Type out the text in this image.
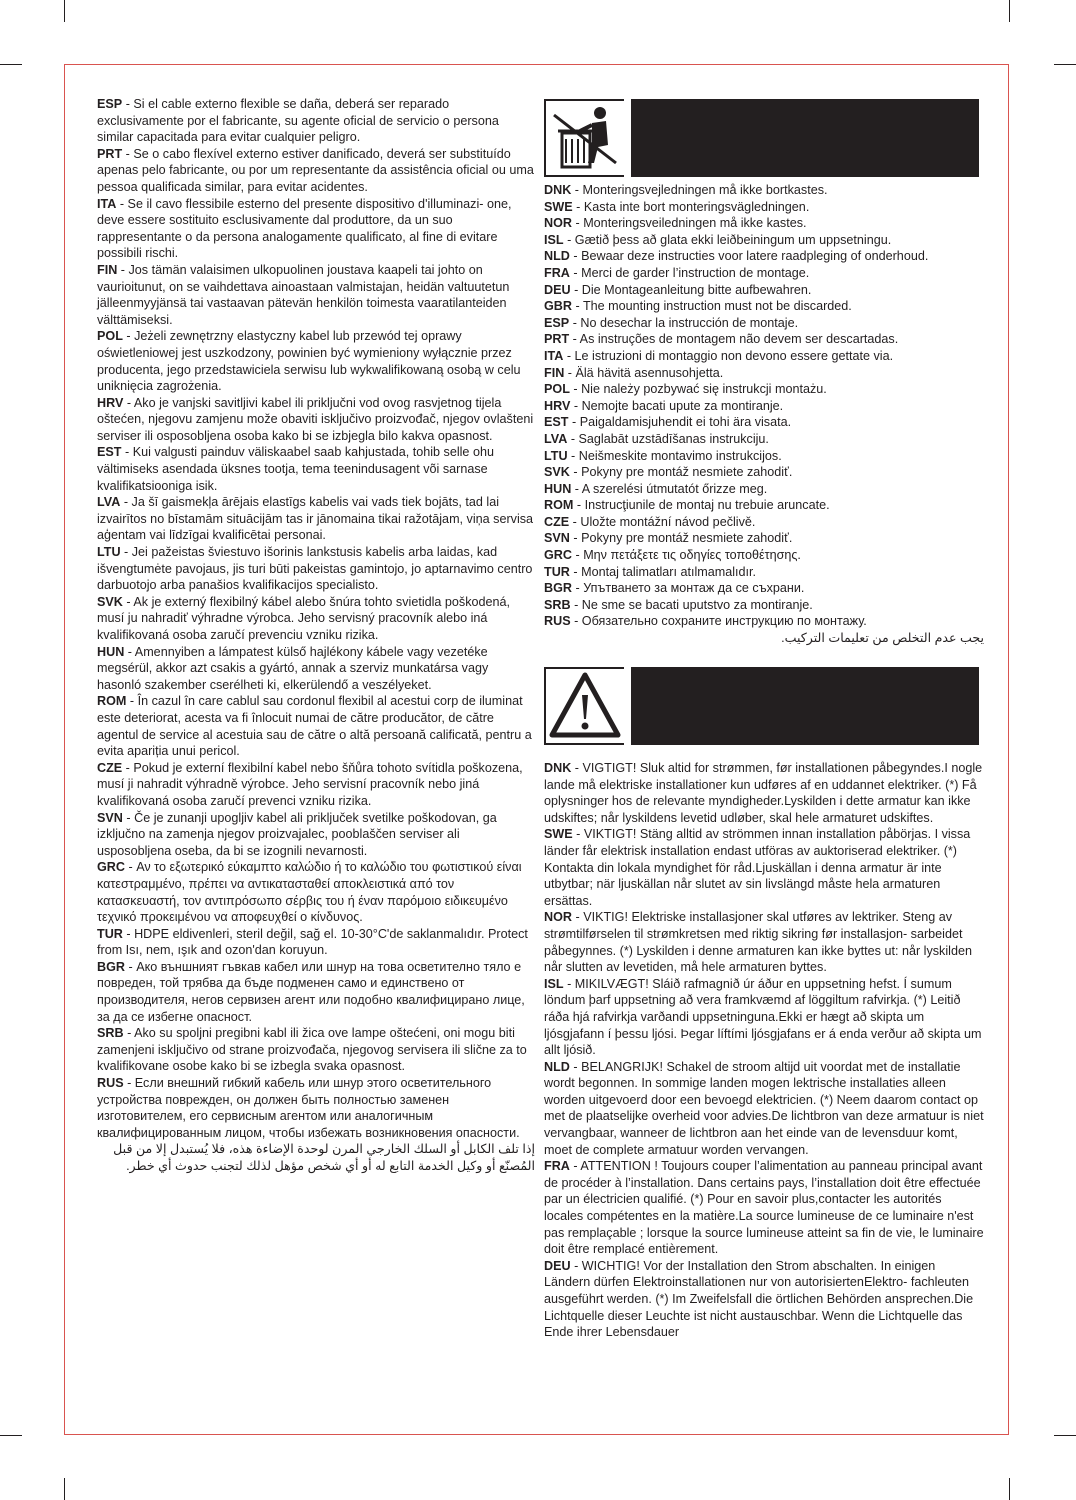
ESP - Si el cable externo flexible se daña, deberá ser reparado exclusivamente por el fabricante, su agente oficial de servicio o persona similar capacitada para evitar cualquier peligro.

PRT - Se o cabo flexível externo estiver danificado, deverá ser substituído apenas pelo fabricante, ou por um representante da assistência oficial ou uma pessoa qualificada similar, para evitar acidentes.

ITA - Se il cavo flessibile esterno del presente dispositivo d'illuminazi- one, deve essere sostituito esclusivamente dal produttore, da un suo rappresentante o da persona analogamente qualificato, al fine di evitare possibili rischi.

FIN - Jos tämän valaisimen ulkopuolinen joustava kaapeli tai johto on vaurioitunut, on se vaihdettava ainoastaan valmistajan, heidän valtuutetun jälleenmyyjänsä tai vastaavan pätevän henkilön toimesta vaaratilanteiden välttämiseksi.

POL - Jeżeli zewnętrzny elastyczny kabel lub przewód tej oprawy oświetleniowej jest uszkodzony, powinien być wymieniony wyłącznie przez producenta, jego przedstawiciela serwisu lub wykwalifikowaną osobą w celu uniknięcia zagrożenia.

HRV - Ako je vanjski savitljivi kabel ili priključni vod ovog rasvjetnog tijela oštećen, njegovu zamjenu može obaviti isključivo proizvođač, njegov ovlašteni serviser ili osposobljena osoba kako bi se izbjegla bilo kakva opasnost.

EST - Kui valgusti painduv väliskaabel saab kahjustada, tohib selle ohu vältimiseks asendada üksnes tootja, tema teenindusagent või sarnase kvalifikatsiooniga isik.

LVA - Ja šī gaismekļa ārējais elastīgs kabelis vai vads tiek bojāts, tad lai izvairītos no bīstamām situācijām tas ir jānomaina tikai ražotājam, viņa servisa aģentam vai līdzīgai kvalificētai personai.

LTU - Jei pažeistas šviestuvo išorinis lankstusis kabelis arba laidas, kad išvengtumėte pavojaus, jis turi būti pakeistas gamintojo, jo aptarnavimo centro darbuotojo arba panašios kvalifikacijos specialisto.

SVK - Ak je externý flexibilný kábel alebo šnúra tohto svietidla poškodená, musí ju nahradiť výhradne výrobca. Jeho servisný pracovník alebo iná kvalifikovaná osoba zaručí prevenciu vzniku rizika.

HUN - Amennyiben a lámpatest külső hajlékony kábele vagy vezetéke megsérül, akkor azt csakis a gyártó, annak a szerviz munkatársa vagy hasonló szakember cserélheti ki, elkerülendő a veszélyeket.

ROM - În cazul în care cablul sau cordonul flexibil al acestui corp de iluminat este deteriorat, acesta va fi înlocuit numai de către producător, de către agentul de service al acestuia sau de către o altă persoană calificată, pentru a evita apariția unui pericol.

CZE - Pokud je externí flexibilní kabel nebo šňůra tohoto svítidla poškozena, musí ji nahradit výhradně výrobce. Jeho servisní pracovník nebo jiná kvalifikovaná osoba zaručí prevenci vzniku rizika.

SVN - Če je zunanji upogljiv kabel ali priključek svetilke poškodovan, ga izključno na zamenja njegov proizvajalec, pooblaščen serviser ali usposobljena oseba, da bi se izognili nevarnosti.

GRC - Αν το εξωτερικό εύκαμπτο καλώδιο ή το καλώδιο του φωτιστικού είναι κατεστραμμένο, πρέπει να αντικατασταθεί αποκλειστικά από τον κατασκευαστή, τον αντιπρόσωπο σέρβις του ή έναν παρόμοιο ειδικευμένο τεχνικό προκειμένου να αποφευχθεί ο κίνδυνος.

TUR - HDPE eldivenleri, steril değil, sağ el. 10-30°C'de saklanmalıdır. Protect from Isı, nem, ışık and ozon'dan koruyun.

BGR - Ако външният гъвкав кабел или шнур на това осветително тяло е повреден, той трябва да бъде подменен само и единствено от производителя, негов сервизен агент или подобно квалифицирано лице, за да се избегне опасност.

SRB - Ako su spoljni pregibni kabl ili žica ove lampe oštećeni, oni mogu biti zamenjeni isključivo od strane proizvođača, njegovog servisera ili slične za to kvalifikovane osobe kako bi se izbegla svaka opasnost.

RUS - Если внешний гибкий кабель или шнур этого осветительного устройства поврежден, он должен быть полностью заменен изготовителем, его сервисным агентом или аналогичным квалифицированным лицом, чтобы избежать возникновения опасности.

إذا تلف الكابل أو السلك الخارجي المرن لوحدة الإضاءة هذه، فلا يُستبدل إلا من قبل المُصنّع أو وكيل الخدمة التابع له أو أي شخص مؤهل لذلك لتجنب حدوث أي خطر.

DNK - Monteringsvejledningen må ikke bortkastes.

SWE - Kasta inte bort monteringsvägledningen.

NOR - Monteringsveiledningen må ikke kastes.

ISL - Gætið þess að glata ekki leiðbeiningum um uppsetningu.

NLD - Bewaar deze instructies voor latere raadpleging of onderhoud.

FRA - Merci de garder l’instruction de montage.

DEU - Die Montageanleitung bitte aufbewahren.

GBR - The mounting instruction must not be discarded.

ESP - No desechar la instrucción de montaje.

PRT - As instruções de montagem não devem ser descartadas.

ITA - Le istruzioni di montaggio non devono essere gettate via.

FIN - Älä hävitä asennusohjetta.

POL - Nie należy pozbywać się instrukcji montażu.

HRV - Nemojte bacati upute za montiranje.

EST - Paigaldamisjuhendit ei tohi ära visata.

LVA - Saglabāt uzstādīšanas instrukciju.

LTU - Neišmeskite montavimo instrukcijos.

SVK - Pokyny pre montáž nesmiete zahodiť.

HUN - A szerelési útmutatót őrizze meg.

ROM - Instrucţiunile de montaj nu trebuie aruncate.

CZE - Uložte montážní návod pečlivě.

SVN - Pokyny pre montáž nesmiete zahodiť.

GRC - Μην πετάξετε τις οδηγίες τοποθέτησης.

TUR - Montaj talimatları atılmamalıdır.

BGR - Упътването за монтаж да се съхрани.

SRB - Ne sme se bacati uputstvo za montiranje.

RUS - Обязательно сохраните инструкцию по монтажу.

يجب عدم التخلص من تعليمات التركيب.

DNK - VIGTIGT! Sluk altid for strømmen, før installationen påbegyndes.I nogle lande må elektriske installationer kun udføres af en uddannet elektriker. (*) Få oplysninger hos de relevante myndigheder.Lyskilden i dette armatur kan ikke udskiftes; når lyskildens levetid udløber, skal hele armaturet udskiftes.

SWE - VIKTIGT! Stäng alltid av strömmen innan installation påbörjas. I vissa länder får elektrisk installation endast utföras av auktoriserad elektriker. (*) Kontakta din lokala myndighet för råd.Ljuskällan i denna armatur är inte utbytbar; när ljuskällan når slutet av sin livslängd måste hela armaturen ersättas.

NOR - VIKTIG! Elektriske installasjoner skal utføres av lektriker. Steng av strømtilførselen til strømkretsen med riktig sikring før installasjon- sarbeidet påbegynnes. (*) Lyskilden i denne armaturen kan ikke byttes ut: når lyskilden når slutten av levetiden, må hele armaturen byttes.

ISL - MIKILVÆGT! Sláið rafmagnið úr áður en uppsetning hefst. Í sumum löndum þarf uppsetning að vera framkvæmd af löggiltum rafvirkja. (*) Leitið ráða hjá rafvirkja varðandi uppsetninguna.Ekki er hægt að skipta um ljósgjafann í þessu ljósi. Þegar líftími ljósgjafans er á enda verður að skipta um allt ljósið.

NLD - BELANGRIJK! Schakel de stroom altijd uit voordat met de installatie wordt begonnen. In sommige landen mogen lektrische installaties alleen worden uitgevoerd door een bevoegd elektricien. (*) Neem daarom contact op met de plaatselijke overheid voor advies.De lichtbron van deze armatuur is niet vervangbaar, wanneer de lichtbron aan het einde van de levensduur komt, moet de complete armatuur worden vervangen.

FRA - ATTENTION ! Toujours couper l’alimentation au panneau principal avant de procéder à l’installation. Dans certains pays, l’installation doit être effectuée par un électricien qualifié. (*) Pour en savoir plus,contacter les autorités locales compétentes en la matière.La source lumineuse de ce luminaire n'est pas remplaçable ; lorsque la source lumineuse atteint sa fin de vie, le luminaire doit être remplacé entièrement.

DEU - WICHTIG! Vor der Installation den Strom abschalten. In einigen Ländern dürfen Elektroinstallationen nur von autorisiertenElektro- fachleuten ausgeführt werden. (*) Im Zweifelsfall die örtlichen Behörden ansprechen.Die Lichtquelle dieser Leuchte ist nicht austauschbar. Wenn die Lichtquelle das Ende ihrer Lebensdauer
